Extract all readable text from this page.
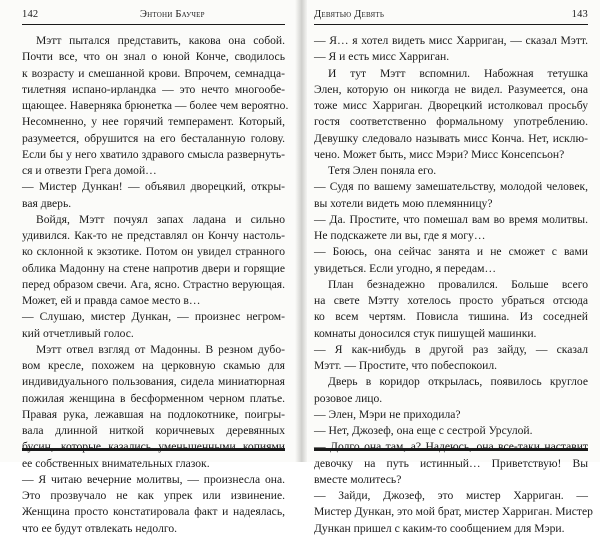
142	Энтони Баучер
Мэтт пытался представить, какова она собой.
Почти все, что он знал о юной Конче, сводилось
к возрасту и смешанной крови. Впрочем, семнадца-
тилетняя испано-ирландка — это нечто многообе-
щающее. Наверняка брюнетка — более чем вероятно.
Несомненно, у нее горячий темперамент. Который,
разумеется, обрушится на его бесталанную голову.
Если бы у него хватило здравого смысла развернуть-
ся и отвезти Грега домой…
— Мистер Дункан! — объявил дворецкий, откры-
вая дверь.
Войдя, Мэтт почуял запах ладана и сильно
удивился. Как-то не представлял он Кончу настоль-
ко склонной к экзотике. Потом он увидел странного
облика Мадонну на стене напротив двери и горящие
перед образом свечи. Ага, ясно. Страстно верующая.
Может, ей и правда самое место в…
— Слушаю, мистер Дункан, — произнес негром-
кий отчетливый голос.
Мэтт отвел взгляд от Мадонны. В резном дубо-
вом кресле, похожем на церковную скамью для
индивидуального пользования, сидела миниатюрная
пожилая женщина в бесформенном черном платье.
Правая рука, лежавшая на подлокотнике, поигры-
вала длинной ниткой коричневых деревянных
бусин, которые казались уменьшенными копиями
ее собственных внимательных глазок.
— Я читаю вечерние молитвы, — произнесла она.
Это прозвучало не как упрек или извинение.
Женщина просто констатировала факт и надеялась,
что ее будут отвлекать недолго.
Девятью Девять	143
— Я… я хотел видеть мисс Харриган, — сказал Мэтт.
— Я и есть мисс Харриган.
И тут Мэтт вспомнил. Набожная тетушка
Элен, которую он никогда не видел. Разумеется, она
тоже мисс Харриган. Дворецкий истолковал просьбу
гостя соответственно формальному употреблению.
Девушку следовало называть мисс Конча. Нет, исклю-
чено. Может быть, мисс Мэри? Мисс Консепсьон?
Тетя Элен поняла его.
— Судя по вашему замешательству, молодой человек,
вы хотели видеть мою племянницу?
— Да. Простите, что помешал вам во время молитвы.
Не подскажете ли вы, где я могу…
— Боюсь, она сейчас занята и не сможет с вами
увидеться. Если угодно, я передам…
План безнадежно провалился. Больше всего
на свете Мэтту хотелось просто убраться отсюда
ко всем чертям. Повисла тишина. Из соседней
комнаты доносился стук пишущей машинки.
— Я как-нибудь в другой раз зайду, — сказал
Мэтт. — Простите, что побеспокоил.
Дверь в коридор открылась, появилось круглое
розовое лицо.
— Элен, Мэри не приходила?
— Нет, Джозеф, она еще с сестрой Урсулой.
— Долго она там, а? Надеюсь, она все-таки наставит
девочку на путь истинный… Приветствую! Вы
вместе молитесь?
— Зайди, Джозеф, это мистер Харриган. —
Мистер Дункан, это мой брат, мистер Харриган. Мистер
Дункан пришел с каким-то сообщением для Мэри.
